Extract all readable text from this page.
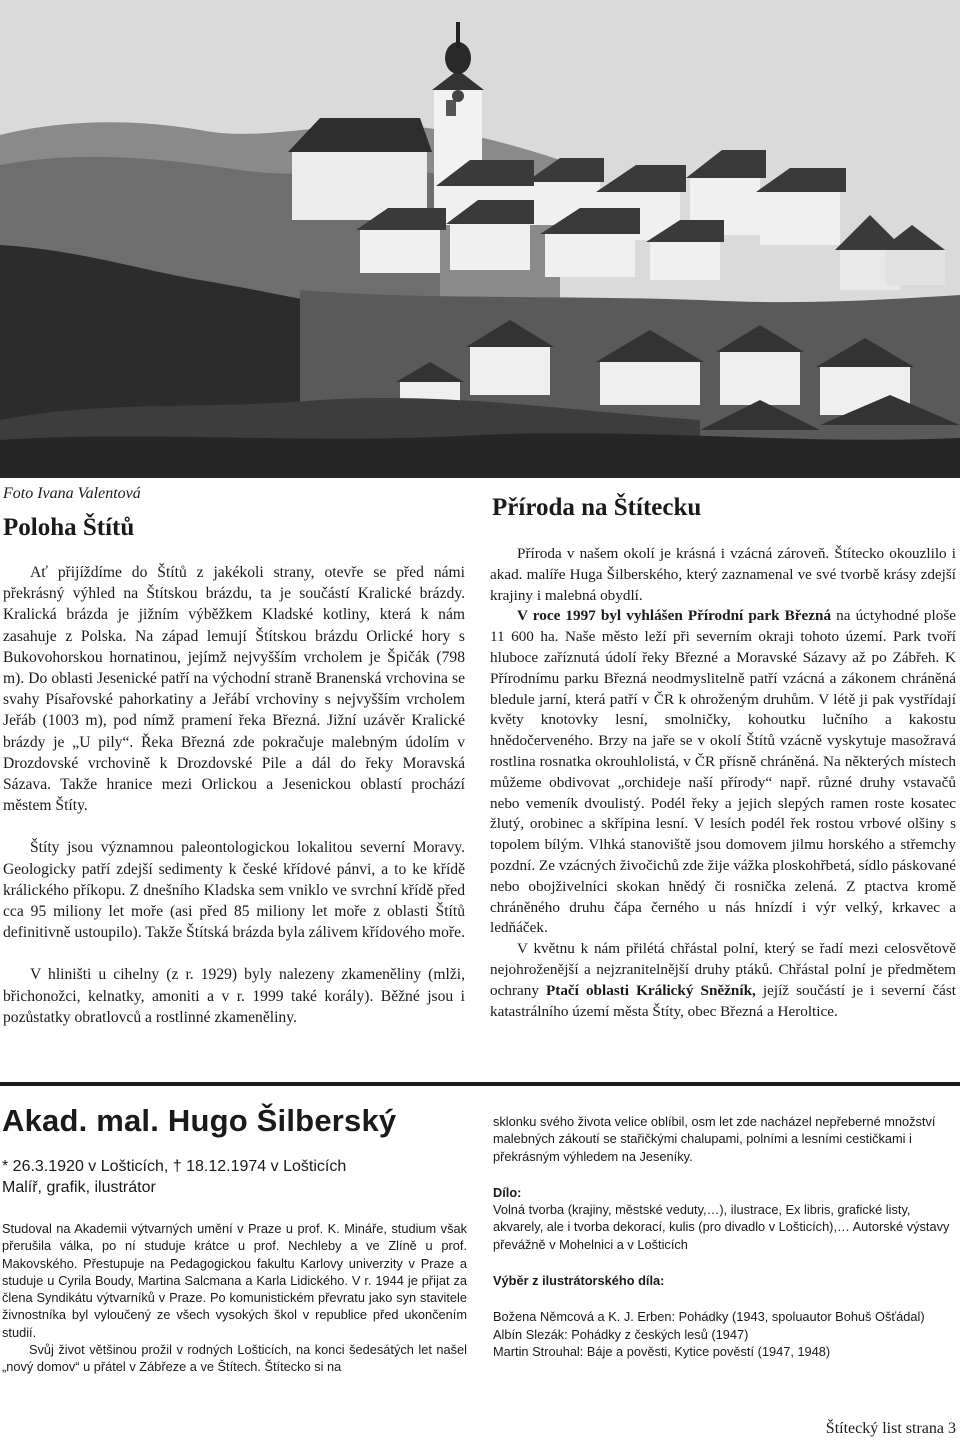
Foto Ivana Valentová

Poloha Štítů

Ať přijíždíme do Štítů z jakékoli strany, otevře se před námi překrásný výhled na Štítskou brázdu, ta je součástí Kralické brázdy. Kralická brázda je jižním výběžkem Kladské kotliny, která k nám zasahuje z Polska. Na západ lemují Štítskou brázdu Orlické hory s Bukovohorskou hornatinou, jejímž nejvyšším vrcholem je Špičák (798 m). Do oblasti Jesenické patří na východní straně Branenská vrchovina se svahy Písařovské pahorkatiny a Jeřábí vrchoviny s nejvyšším vrcholem Jeřáb (1003 m), pod nímž pramení řeka Březná. Jižní uzávěr Kralické brázdy je „U pily“. Řeka Březná zde pokračuje malebným údolím v Drozdovské vrchovině k Drozdovské Pile a dál do řeky Moravská Sázava. Takže hranice mezi Orlickou a Jesenickou oblastí prochází městem Štíty.

Štíty jsou významnou paleontologickou lokalitou severní Moravy. Geologicky patří zdejší sedimenty k české křídové pánvi, a to ke křídě králického příkopu. Z dnešního Kladska sem vniklo ve svrchní křídě před cca 95 miliony let moře (asi před 85 miliony let moře z oblasti Štítů definitivně ustoupilo). Takže Štítská brázda byla zálivem křídového moře.

V hliništi u cihelny (z r. 1929) byly nalezeny zkameněliny (mlži, břichonožci, kelnatky, amoniti a v r. 1999 také korály). Běžné jsou i pozůstatky obratlovců a rostlinné zkameněliny.

Příroda na Štítecku

Příroda v našem okolí je krásná i vzácná zároveň. Štítecko okouzlilo i akad. malíře Huga Šilberského, který zaznamenal ve své tvorbě krásy zdejší krajiny i malebná obydlí.

V roce 1997 byl vyhlášen Přírodní park Březná na úctyhodné ploše 11 600 ha. Naše město leží při severním okraji tohoto území. Park tvoří hluboce zaříznutá údolí řeky Březné a Moravské Sázavy až po Zábřeh. K Přírodnímu parku Březná neodmyslitelně patří vzácná a zákonem chráněná bledule jarní, která patří v ČR k ohroženým druhům. V létě ji pak vystřídají květy knotovky lesní, smolničky, kohoutku lučního a kakostu hnědočerveného. Brzy na jaře se v okolí Štítů vzácně vyskytuje masožravá rostlina rosnatka okrouhlolistá, v ČR přísně chráněná. Na některých místech můžeme obdivovat „orchideje naší přírody“ např. různé druhy vstavačů nebo vemeník dvoulistý. Podél řeky a jejich slepých ramen roste kosatec žlutý, orobinec a skřípina lesní. V lesích podél řek rostou vrbové olšiny s topolem bílým. Vlhká stanoviště jsou domovem jilmu horského a střemchy pozdní. Ze vzácných živočichů zde žije vážka ploskohřbetá, sídlo páskované nebo obojživelníci skokan hnědý či rosnička zelená. Z ptactva kromě chráněného druhu čápa černého u nás hnízdí i výr velký, krkavec a ledňáček.

V květnu k nám přilétá chřástal polní, který se řadí mezi celosvětově nejohroženější a nejzranitelnější druhy ptáků. Chřástal polní je předmětem ochrany Ptačí oblasti Králický Sněžník, jejíž součástí je i severní část katastrálního území města Štíty, obec Březná a Heroltice.

Akad. mal. Hugo Šilberský

* 26.3.1920 v Lošticích, † 18.12.1974 v Lošticích
Malíř, grafik, ilustrátor

Studoval na Akademii výtvarných umění v Praze u prof. K. Mináře, studium však přerušila válka, po ní studuje krátce u prof. Nechleby a ve Zlíně u prof. Makovského. Přestupuje na Pedagogickou fakultu Karlovy univerzity v Praze a studuje u Cyrila Boudy, Martina Salcmana a Karla Lidického. V r. 1944 je přijat za člena Syndikátu výtvarníků v Praze. Po komunistickém převratu jako syn stavitele živnostníka byl vyloučený ze všech vysokých škol v republice před ukončením studií.

Svůj život většinou prožil v rodných Lošticích, na konci šedesátých let našel „nový domov“ u přátel v Zábřeze a ve Štítech. Štítecko si na

sklonku svého života velice oblíbil, osm let zde nacházel nepřeberné množství malebných zákoutí se stařičkými chalupami, polními a lesními cestičkami i překrásným výhledem na Jeseníky.

Dílo:

Volná tvorba (krajiny, městské veduty,…), ilustrace, Ex libris, grafické listy, akvarely, ale i tvorba dekorací, kulis (pro divadlo v Lošticích),… Autorské výstavy převážně v Mohelnici a v Lošticích

Výběr z ilustrátorského díla:

Božena Němcová a K. J. Erben: Pohádky (1943, spoluautor Bohuš Ošťádal)

Albín Slezák: Pohádky z českých lesů (1947)

Martin Strouhal: Báje a pověsti, Kytice pověstí (1947, 1948)

Štítecký list strana 3
